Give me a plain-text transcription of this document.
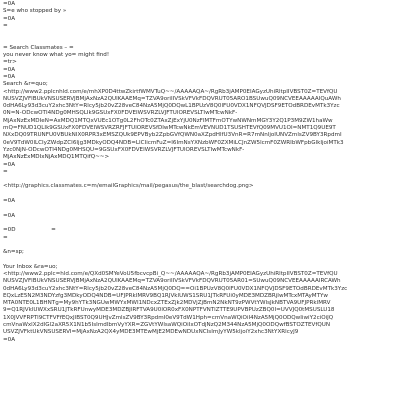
=0A
S=e who stopped by »
=0A
=
= Search Classmates – =
you never know what yo= might find!
=tr>
=0A
=0A
Search &r=quo;
<http://www2.pplcnhld.com/e/mhXP0D4ttwZkirtfWMVTuQ~~/AAAAAQA~/RgRb3jAMP0EIAGyzUhiRltpIIVBST0Z=TEVfQU
NUSVZJVFlBUkVNSUSERVJBMjAxNzA2QUlKAAEMq=TZVA9oriIIVSkVFVkFDQVRUT05ARO1BSUwuQ09NCVEEAAAAAIQuAWh
0dHA6Ly93d3cuY2xhc3NtY=Rlcy5jb20vZ28veC84NzA5MjQ0DQwL1BPUzV8Q0lFU0VDX1NFQVJDSF9ETOdBRDEvMTk3Yzc
0N=N-ODcwOTI4NDg0MHSQLIk9GSUxFX0FDVEIWSVRZLVJFTUlOREVSLTIwMTcwNkF-
MjAxNzExMDIeN=AxMDQ1MTQxVUEc1OTg0L2FhOTc0ZTAxZjExYjU0NzFlMTFmOTYwNWNmMGY3Y2Q1P3M9ZW1haWw
mQ=FNUD1QLIk9GSUxFX0FDVEIWSVRZRFJFTUlOREVSfDIwMTcwNkEmVEVNUD1TSUSHTEVfQ09MVU1OI=NMT1Q9UE9T
NXxDQ09TRUNFU0VBUkNIX0RPR3xEMSZQUk9EPVByb2ZpbGVfQWN0aXZpdHlfU3VnR=R7mNnljoIUNVZmlsZV9BY3RpdmI
0eV9TdW0lLCIyZWdpZCI6Ijg3MDkyODQ4NDB=LICIicmFuZ=I6ImNsYXNzbWF0ZXMiLCJnZW5lcmF0ZWRIbWFpbGlkIjoiMTk3
Yzc0NjN-ODcwOTI4NDg0MHSQU=9GSUxFX0FDVEIWSVRZLVJFTUlOREVSLTIwMTcwNkF-
MjAxNzExMDIxNjAxMDQ1MTQifQ~~>
=0A
=
<http://graphics.classmates.c=m/emailGraphics/mail/pegasus/the_blast/searchdog.png>
=0A
=0A
=0D                    =
=
&n=sp;
Your Inbox &ra=uo;
<http://www2.pplc=hld.com/e/QXd0SMYeVoU5fbcvcpBi_Q~~/AAAAAQA~/RgRb3jAMP0EIAGyzUhiRltpIIVBST0Z=TEVfQU
NUSVZJVFlBUkVNSUSERVJBMjAxNzA2QUlKAAEMq=TZVA9oriIIVSkVFVkFDQVRUT05AR01=SUwuQ09NCVEEAAAAAIRCAWh
0dHA6Ly93d3cuY2xhc3NtY=Rlcy5jb20vZ28veC84NzA5MjQ0DQ==Oi1BPUzV8Q0lFU0VDX1NFQVJDSF9ETOdBRDEvMTk3Yzc
EQxLzE5N2M3NDYzfg3MDkyODQ4NDB=UFJPRklMRV9BQ1RJVklUWS1SRU1JTkRFUi0yMDE3MDZBRjIwMTcxMTAyMTYw
MTA0NTE0L1BHNTg=My9hYTk3NGUwMWYxMWI1NDcxZTExZjk2MDVjZjBmN2NkNT9zPWVtYWlsJkNBTVA9UFJPRklMRV
9=Q1RJVklUWXxSRU1JTkRFUnwyMDE3MDZBJlRFTVA9U0lOR0xFX0NPTFVNTiZTTE9UPVBPUzZBQ0I=UVVJQ0tMSUSLU18
1X0JVVFRPTl9CTFVFfEQxJlBST0Q9UHJvZmlsZV9BY3RpdmI0eV9TdW1Hph=cmVnaWQiOiI4NzA5MjQ0ODQwIiwiY2ciOiJQ
cmVnaWxlX2dlGl2aXR5X1N1b5IsImdlbmVyYXR=ZGVtYWlsaWQiOiIxOTdjNzQ2M344NzA5MjQ0ODQwfBSTOZTEVfQUN
USVZJVFktUkVNSUSERVI=MjAxNzA2QX4yMDE3MTEwMjE2MDEwNDUxNCIsImJyYW5kIjoiY2xhc3NtYXRlcyJ9
=0A
